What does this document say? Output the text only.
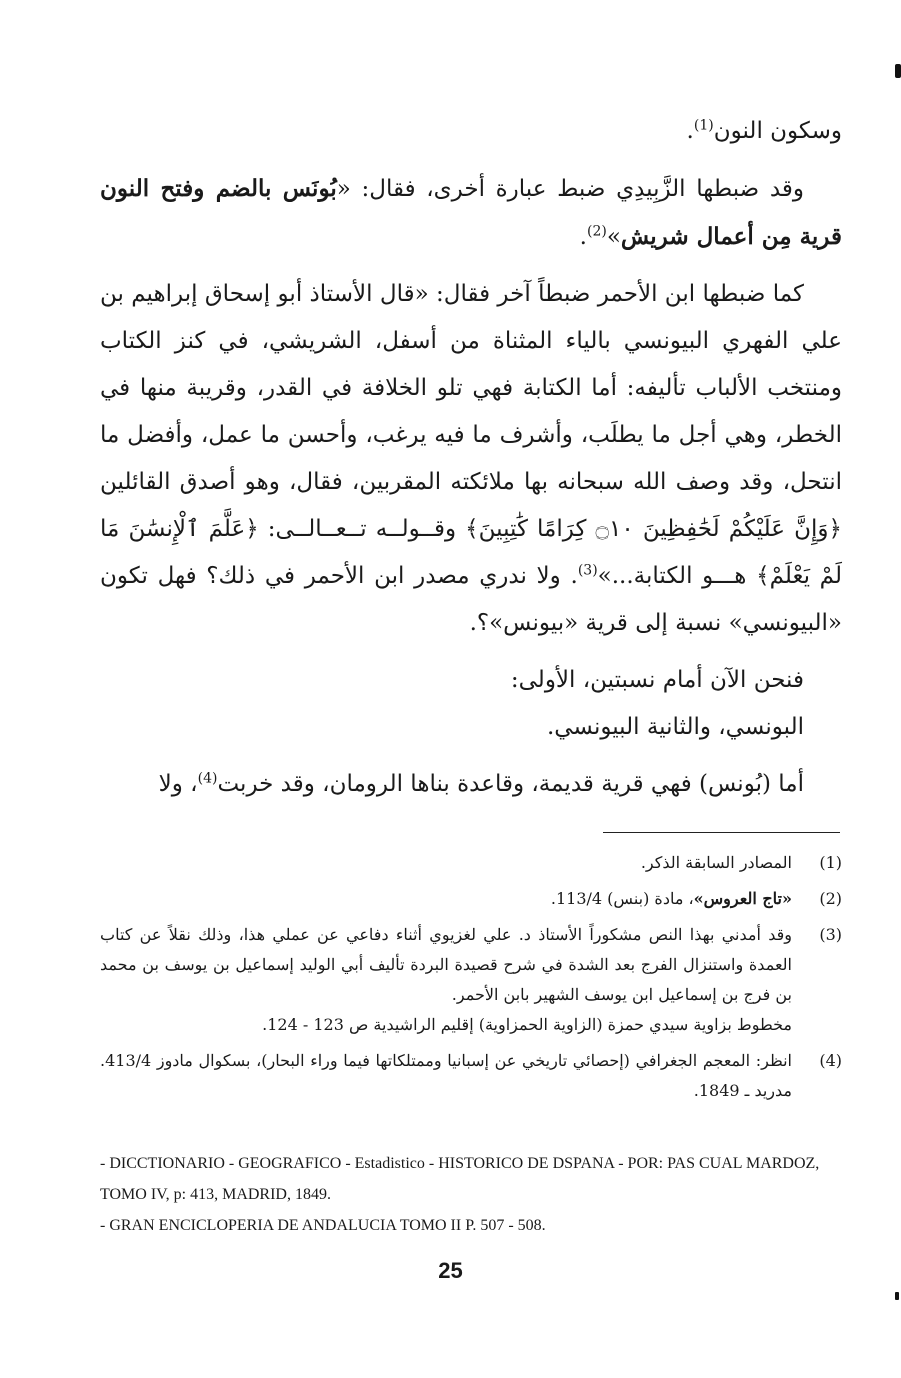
وسكون النون$^{(1)}$.

وقد ضبطها الزَّبِيدِي ضبط عبارة أخرى، فقال: «بُونَس بالضم وفتح النون قرية مِن أعمال شريش»$^{(2)}$.

كما ضبطها ابن الأحمر ضبطاً آخر فقال: «قال الأستاذ أبو إسحاق إبراهيم بن علي الفهري البيونسي بالياء المثناة من أسفل، الشريشي، في كنز الكتاب ومنتخب الألباب تأليفه: أما الكتابة فهي تلو الخلافة في القدر، وقريبة منها في الخطر، وهي أجل ما يطلَب، وأشرف ما فيه يرغب، وأحسن ما عمل، وأفضل ما انتحل، وقد وصف الله سبحانه بها ملائكته المقربين، فقال، وهو أصدق القائلين ﴿وَإِنَّ عَلَيْكُمْ لَحَٰفِظِينَ ۝١٠ كِرَامًا كَٰتِبِينَ﴾ وقــولــه تــعــالــى: ﴿عَلَّمَ ٱلْإِنسَٰنَ مَا لَمْ يَعْلَمْ﴾ هـــو الكتابة...»$^{(3)}$. ولا ندري مصدر ابن الأحمر في ذلك؟ فهل تكون «البيونسي» نسبة إلى قرية «بيونس»؟.

فنحن الآن أمام نسبتين، الأولى:

البونسي، والثانية البيونسي.

أما (بُونس) فهي قرية قديمة، وقاعدة بناها الرومان، وقد خربت$^{(4)}$، ولا

(1)
المصادر السابقة الذكر.
(2)
«تاج العروس»، مادة (بنس) 113/4.
(3)
وقد أمدني بهذا النص مشكوراً الأستاذ د. علي لغزيوي أثناء دفاعي عن عملي هذا، وذلك نقلاً عن كتاب العمدة واستنزال الفرج بعد الشدة في شرح قصيدة البردة تأليف أبي الوليد إسماعيل بن يوسف بن محمد بن فرج بن إسماعيل ابن يوسف الشهير بابن الأحمر.
مخطوط بزاوية سيدي حمزة (الزاوية الحمزاوية) إقليم الراشيدية ص 123 - 124.
(4)
انظر: المعجم الجغرافي (إحصائي تاريخي عن إسبانيا وممتلكاتها فيما وراء البحار)، بسكوال مادوز 413/4. مدريد ـ 1849.

- DICCTIONARIO - GEOGRAFICO - Estadistico - HISTORICO DE DSPANA - POR: PAS CUAL MARDOZ, TOMO IV, p: 413, MADRID, 1849.

- GRAN ENCICLOPERIA DE ANDALUCIA TOMO II P. 507 - 508.

25
